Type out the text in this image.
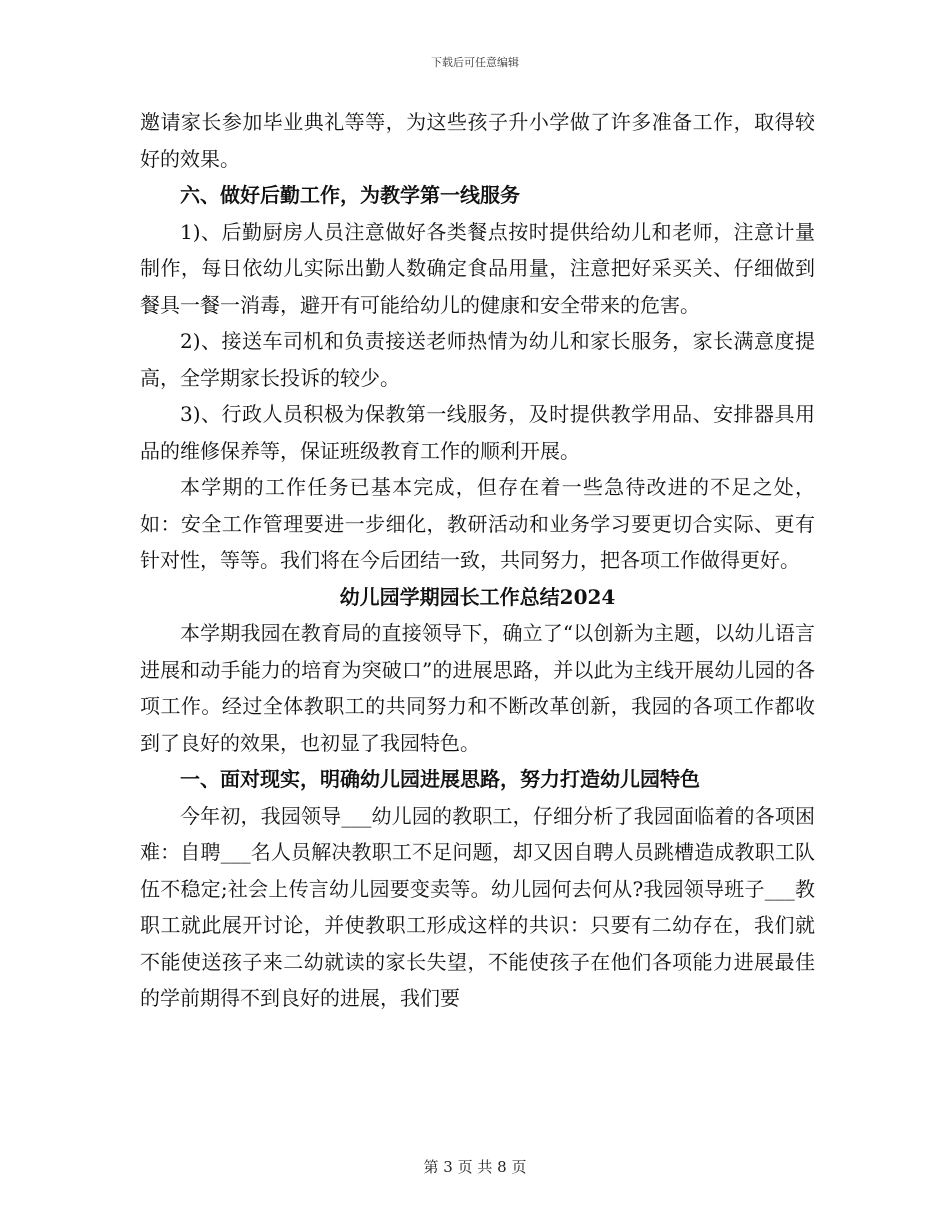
下载后可任意编辑

邀请家长参加毕业典礼等等，为这些孩子升小学做了许多准备工作，取得较好的效果。

六、做好后勤工作，为教学第一线服务

1)、后勤厨房人员注意做好各类餐点按时提供给幼儿和老师，注意计量制作，每日依幼儿实际出勤人数确定食品用量，注意把好采买关、仔细做到餐具一餐一消毒，避开有可能给幼儿的健康和安全带来的危害。

2)、接送车司机和负责接送老师热情为幼儿和家长服务，家长满意度提高，全学期家长投诉的较少。

3)、行政人员积极为保教第一线服务，及时提供教学用品、安排器具用品的维修保养等，保证班级教育工作的顺利开展。

本学期的工作任务已基本完成，但存在着一些急待改进的不足之处，如：安全工作管理要进一步细化，教研活动和业务学习要更切合实际、更有针对性，等等。我们将在今后团结一致，共同努力，把各项工作做得更好。

幼儿园学期园长工作总结2024

本学期我园在教育局的直接领导下，确立了“以创新为主题，以幼儿语言进展和动手能力的培育为突破口”的进展思路，并以此为主线开展幼儿园的各项工作。经过全体教职工的共同努力和不断改革创新，我园的各项工作都收到了良好的效果，也初显了我园特色。

一、面对现实，明确幼儿园进展思路，努力打造幼儿园特色

今年初，我园领导___幼儿园的教职工，仔细分析了我园面临着的各项困难：自聘___名人员解决教职工不足问题，却又因自聘人员跳槽造成教职工队伍不稳定;社会上传言幼儿园要变卖等。幼儿园何去何从?我园领导班子___教职工就此展开讨论，并使教职工形成这样的共识：只要有二幼存在，我们就不能使送孩子来二幼就读的家长失望，不能使孩子在他们各项能力进展最佳的学前期得不到良好的进展，我们要

第 3 页 共 8 页
